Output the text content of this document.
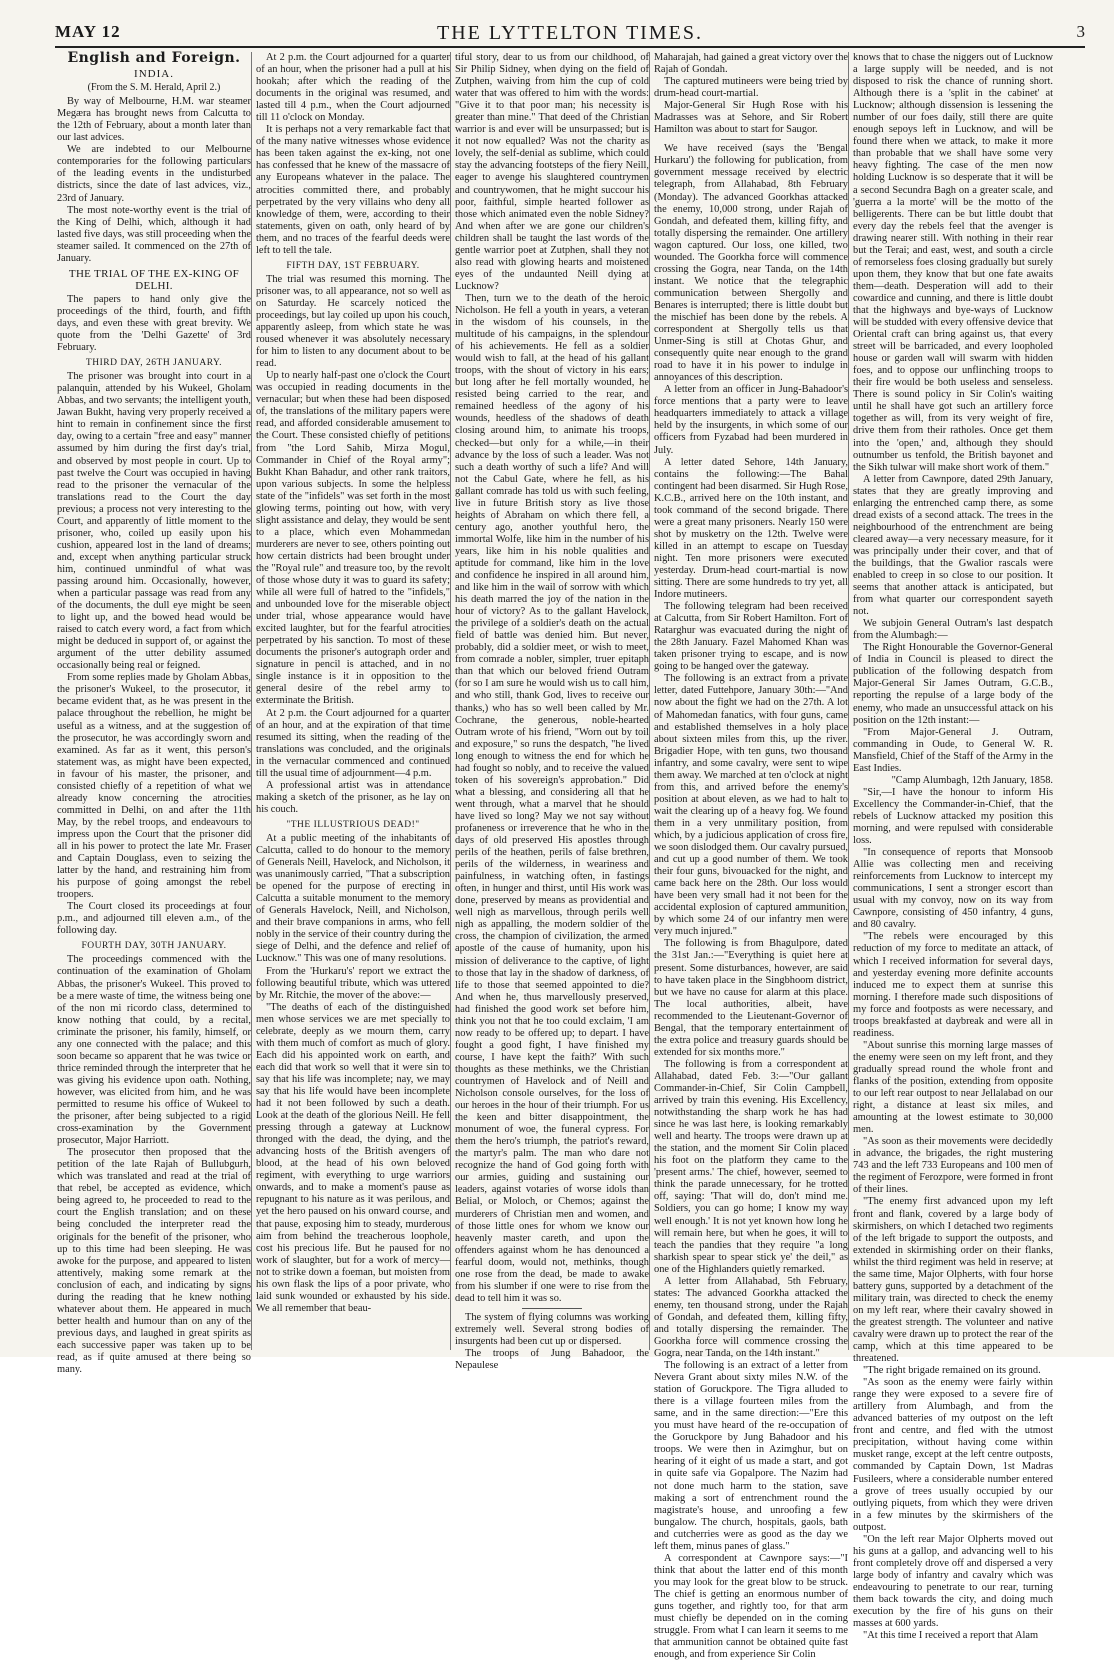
MAY 12	THE LYTTELTON TIMES.	3
English and Foreign.
INDIA.
(From the S. M. Herald, April 2.)

By way of Melbourne, H.M. war steamer Megæra has brought news from Calcutta to the 12th of February, about a month later than our last advices.

We are indebted to our Melbourne contemporaries for the following particulars of the leading events in the undisturbed districts, since the date of last advices, viz., 23rd of January.

The most note-worthy event is the trial of the King of Delhi, which, although it had lasted five days, was still proceeding when the steamer sailed. It commenced on the 27th of January.

THE TRIAL OF THE EX-KING OF DELHI.

The papers to hand only give the proceedings of the third, fourth, and fifth days, and even these with great brevity. We quote from the 'Delhi Gazette' of 3rd February.

THIRD DAY, 26TH JANUARY.

The prisoner was brought into court in a palanquin, attended by his Wukeel, Gholam Abbas, and two servants; the intelligent youth, Jawan Bukht, having very properly received a hint to remain in confinement since the first day, owing to a certain "free and easy" manner assumed by him during the first day's trial, and observed by most people in court. Up to past twelve the Court was occupied in having read to the prisoner the vernacular of the translations read to the Court the day previous; a process not very interesting to the Court, and apparently of little moment to the prisoner, who, coiled up easily upon his cushion, appeared lost in the land of dreams; and, except when anything particular struck him, continued unmindful of what was passing around him. Occasionally, however, when a particular passage was read from any of the documents, the dull eye might be seen to light up, and the bowed head would be raised to catch every word, a fact from which might be deduced in support of, or against the argument of the utter debility assumed occasionally being real or feigned.

From some replies made by Gholam Abbas, the prisoner's Wukeel, to the prosecutor, it became evident that, as he was present in the palace throughout the rebellion, he might be useful as a witness, and at the suggestion of the prosecutor, he was accordingly sworn and examined. As far as it went, this person's statement was, as might have been expected, in favour of his master, the prisoner, and consisted chiefly of a repetition of what we already know concerning the atrocities committed in Delhi, on and after the 11th May, by the rebel troops, and endeavours to impress upon the Court that the prisoner did all in his power to protect the late Mr. Fraser and Captain Douglass, even to seizing the latter by the hand, and restraining him from his purpose of going amongst the rebel troopers.

The Court closed its proceedings at four p.m., and adjourned till eleven a.m., of the following day.

FOURTH DAY, 30TH JANUARY.

The proceedings commenced with the continuation of the examination of Gholam Abbas, the prisoner's Wukeel. This proved to be a mere waste of time, the witness being one of the non mi ricordo class, determined to know nothing that could, by a recital, criminate the prisoner, his family, himself, or any one connected with the palace; and this soon became so apparent that he was twice or thrice reminded through the interpreter that he was giving his evidence upon oath. Nothing, however, was elicited from him, and he was permitted to resume his office of Wukeel to the prisoner, after being subjected to a rigid cross-examination by the Government prosecutor, Major Harriott.

The prosecutor then proposed that the petition of the late Rajah of Bullubgurh, which was translated and read at the trial of that rebel, be accepted as evidence, which being agreed to, he proceeded to read to the court the English translation; and on these being concluded the interpreter read the originals for the benefit of the prisoner, who up to this time had been sleeping. He was awoke for the purpose, and appeared to listen attentively, making some remark at the conclusion of each, and indicating by signs during the reading that he knew nothing whatever about them. He appeared in much better health and humour than on any of the previous days, and laughed in great spirits as each successive paper was taken up to be read, as if quite amused at there being so many.

At 2 p.m. the Court adjourned for a quarter of an hour, when the prisoner had a pull at his hookah; after which the reading of the documents in the original was resumed, and lasted till 4 p.m., when the Court adjourned till 11 o'clock on Monday.

It is perhaps not a very remarkable fact that of the many native witnesses whose evidence has been taken against the ex-king, not one has confessed that he knew of the massacre of any Europeans whatever in the palace. The atrocities committed there, and probably perpetrated by the very villains who deny all knowledge of them, were, according to their statements, given on oath, only heard of by them, and no traces of the fearful deeds were left to tell the tale.

FIFTH DAY, 1ST FEBRUARY.

The trial was resumed this morning. The prisoner was, to all appearance, not so well as on Saturday. He scarcely noticed the proceedings, but lay coiled up upon his couch, apparently asleep, from which state he was roused whenever it was absolutely necessary for him to listen to any document about to be read.

Up to nearly half-past one o'clock the Court was occupied in reading documents in the vernacular; but when these had been disposed of, the translations of the military papers were read, and afforded considerable amusement to the Court. These consisted chiefly of petitions from "the Lord Sahib, Mirza Mogul, Commander in Chief of the Royal army"; Bukht Khan Bahadur, and other rank traitors, upon various subjects. In some the helpless state of the "infidels" was set forth in the most glowing terms, pointing out how, with very slight assistance and delay, they would be sent to a place, which even Mohammedan murderers are never to see, others pointing out how certain districts had been brought under the "Royal rule" and treasure too, by the revolt of those whose duty it was to guard its safety; while all were full of hatred to the "infidels," and unbounded love for the miserable object under trial, whose appearance would have excited laughter, but for the fearful atrocities perpetrated by his sanction. To most of these documents the prisoner's autograph order and signature in pencil is attached, and in no single instance is it in opposition to the general desire of the rebel army to exterminate the British.

At 2 p.m. the Court adjourned for a quarter of an hour, and at the expiration of that time resumed its sitting, when the reading of the translations was concluded, and the originals in the vernacular commenced and continued till the usual time of adjournment—4 p.m.

A professional artist was in attendance making a sketch of the prisoner, as he lay on his couch.

"THE ILLUSTRIOUS DEAD!"

At a public meeting of the inhabitants of Calcutta, called to do honour to the memory of Generals Neill, Havelock, and Nicholson, it was unanimously carried, "That a subscription be opened for the purpose of erecting in Calcutta a suitable monument to the memory of Generals Havelock, Neill, and Nicholson, and their brave companions in arms, who fell nobly in the service of their country during the siege of Delhi, and the defence and relief of Lucknow." This was one of many resolutions.

From the 'Hurkaru's' report we extract the following beautiful tribute, which was uttered by Mr. Ritchie, the mover of the above:—

"The deaths of each of the distinguished men whose services we are met specially to celebrate, deeply as we mourn them, carry with them much of comfort as much of glory. Each did his appointed work on earth, and each did that work so well that it were sin to say that his life was incomplete; nay, we may say that his life would have been incomplete had it not been followed by such a death. Look at the death of the glorious Neill. He fell pressing through a gateway at Lucknow thronged with the dead, the dying, and the advancing hosts of the British avengers of blood, at the head of his own beloved regiment, with everything to urge warriors onwards, and to make a moment's pause as repugnant to his nature as it was perilous, and yet the hero paused on his onward course, and that pause, exposing him to steady, murderous aim from behind the treacherous loophole, cost his precious life. But he paused for no work of slaughter, but for a work of mercy—not to strike down a foeman, but moisten from his own flask the lips of a poor private, who laid sunk wounded or exhausted by his side. We all remember that beau-

tiful story, dear to us from our childhood, of Sir Philip Sidney, when dying on the field of Zutphen, waiving from him the cup of cold water that was offered to him with the words: "Give it to that poor man; his necessity is greater than mine." That deed of the Christian warrior is and ever will be unsurpassed; but is it not now equalled? Was not the charity as lovely, the self-denial as sublime, which could stay the advancing footsteps of the fiery Neill, eager to avenge his slaughtered countrymen and countrywomen, that he might succour his poor, faithful, simple hearted follower as those which animated even the noble Sidney? And when after we are gone our children's children shall be taught the last words of the gentle warrior poet at Zutphen, shall they not also read with glowing hearts and moistened eyes of the undaunted Neill dying at Lucknow?

Then, turn we to the death of the heroic Nicholson. He fell a youth in years, a veteran in the wisdom of his counsels, in the multitude of his campaigns, in the splendour of his achievements. He fell as a soldier would wish to fall, at the head of his gallant troops, with the shout of victory in his ears; but long after he fell mortally wounded, he resisted being carried to the rear, and remained heedless of the agony of his wounds, heedless of the shadows of death closing around him, to animate his troops, checked—but only for a while,—in their advance by the loss of such a leader. Was not such a death worthy of such a life? And will not the Cabul Gate, where he fell, as his gallant comrade has told us with such feeling, live in future British story as live those heights of Abraham on which there fell, a century ago, another youthful hero, the immortal Wolfe, like him in the number of his years, like him in his noble qualities and aptitude for command, like him in the love and confidence he inspired in all around him, and like him in the wail of sorrow with which his death marred the joy of the nation in the hour of victory? As to the gallant Havelock, the privilege of a soldier's death on the actual field of battle was denied him. But never, probably, did a soldier meet, or wish to meet, from comrade a nobler, simpler, truer epitaph than that which our beloved friend Outram (for so I am sure he would wish us to call him, and who still, thank God, lives to receive our thanks,) who has so well been called by Mr. Cochrane, the generous, noble-hearted Outram wrote of his friend, "Worn out by toil and exposure," so runs the despatch, "he lived long enough to witness the end for which he had fought so nobly, and to receive the valued token of his sovereign's approbation." Did what a blessing, and considering all that he went through, what a marvel that he should have lived so long? May we not say without profaneness or irreverence that he who in the days of old preserved His apostles through perils of the heathen, perils of false brethren, perils of the wilderness, in weariness and painfulness, in watching often, in fastings often, in hunger and thirst, until His work was done, preserved by means as providential and well nigh as marvellous, through perils well nigh as appalling, the modern soldier of the cross, the champion of civilization, the armed apostle of the cause of humanity, upon his mission of deliverance to the captive, of light to those that lay in the shadow of darkness, of life to those that seemed appointed to die? And when he, thus marvellously preserved, had finished the good work set before him, think you not that he too could exclaim, 'I am now ready to be offered up; to depart. I have fought a good fight, I have finished my course, I have kept the faith?' With such thoughts as these methinks, we the Christian countrymen of Havelock and of Neill and Nicholson console ourselves, for the loss of our heroes in the hour of their triumph. For us the keen and bitter disappointment, the monument of woe, the funeral cypress. For them the hero's triumph, the patriot's reward, the martyr's palm. The man who dare not recognize the hand of God going forth with our armies, guiding and sustaining our leaders, against votaries of worse idols than Belial, or Moloch, or Chemos; against the murderers of Christian men and women, and of those little ones for whom we know our heavenly master careth, and upon the offenders against whom he has denounced a fearful doom, would not, methinks, though one rose from the dead, be made to awake from his slumber if one were to rise from the dead to tell him it was so.

The system of flying columns was working extremely well. Several strong bodies of insurgents had been cut up or dispersed.

The troops of Jung Bahadoor, the Nepaulese

Maharajah, had gained a great victory over the Rajah of Gondah.

The captured mutineers were being tried by drum-head court-martial.

Major-General Sir Hugh Rose with his Madrasses was at Sehore, and Sir Robert Hamilton was about to start for Saugor.

We have received (says the 'Bengal Hurkaru') the following for publication, from government message received by electric telegraph, from Allahabad, 8th February (Monday). The advanced Goorkhas attacked the enemy, 10,000 strong, under Rajah of Gondah, and defeated them, killing fifty, and totally dispersing the remainder. One artillery wagon captured. Our loss, one killed, two wounded. The Goorkha force will commence crossing the Gogra, near Tanda, on the 14th instant. We notice that the telegraphic communication between Shergolly and Benares is interrupted; there is little doubt but the mischief has been done by the rebels. A correspondent at Shergolly tells us that Unmer-Sing is still at Chotas Ghur, and consequently quite near enough to the grand road to have it in his power to indulge in annoyances of this description.

A letter from an officer in Jung-Bahadoor's force mentions that a party were to leave headquarters immediately to attack a village held by the insurgents, in which some of our officers from Fyzabad had been murdered in July.

A letter dated Sehore, 14th January, contains the following:—The Bahal contingent had been disarmed. Sir Hugh Rose, K.C.B., arrived here on the 10th instant, and took command of the second brigade. There were a great many prisoners. Nearly 150 were shot by musketry on the 12th. Twelve were killed in an attempt to escape on Tuesday night. Ten more prisoners were executed yesterday. Drum-head court-martial is now sitting. There are some hundreds to try yet, all Indore mutineers.

The following telegram had been received at Calcutta, from Sir Robert Hamilton. Fort of Ratarghur was evacuated during the night of the 28th January. Fazel Mahomed Khan was taken prisoner trying to escape, and is now going to be hanged over the gateway.

The following is an extract from a private letter, dated Futtehpore, January 30th:—"And now about the fight we had on the 27th. A lot of Mahomedan fanatics, with four guns, came and established themselves in a holy place about sixteen miles from this, up the river. Brigadier Hope, with ten guns, two thousand infantry, and some cavalry, were sent to wipe them away. We marched at ten o'clock at night from this, and arrived before the enemy's position at about eleven, as we had to halt to wait the clearing up of a heavy fog. We found them in a very unmilitary position, from which, by a judicious application of cross fire, we soon dislodged them. Our cavalry pursued, and cut up a good number of them. We took their four guns, bivouacked for the night, and came back here on the 28th. Our loss would have been very small had it not been for the accidental explosion of captured ammunition, by which some 24 of our infantry men were very much injured."

The following is from Bhagulpore, dated the 31st Jan.:—"Everything is quiet here at present. Some disturbances, however, are said to have taken place in the Singbhoom district, but we have no cause for alarm at this place. The local authorities, albeit, have recommended to the Lieutenant-Governor of Bengal, that the temporary entertainment of the extra police and treasury guards should be extended for six months more."

The following is from a correspondent at Allahabad, dated Feb. 3:—"Our gallant Commander-in-Chief, Sir Colin Campbell, arrived by train this evening. His Excellency, notwithstanding the sharp work he has had since he was last here, is looking remarkably well and hearty. The troops were drawn up at the station, and the moment Sir Colin placed his foot on the platform they came to the 'present arms.' The chief, however, seemed to think the parade unnecessary, for he trotted off, saying: 'That will do, don't mind me. Soldiers, you can go home; I know my way well enough.' It is not yet known how long he will remain here, but when he goes, it will to teach the pandies that they require "a long sharkish spear to spear stick ye' the deil," as one of the Highlanders quietly remarked.

A letter from Allahabad, 5th February, states: The advanced Goorkha attacked the enemy, ten thousand strong, under the Rajah of Gondah, and defeated them, killing fifty, and totally dispersing the remainder. The Goorkha force will commence crossing the Gogra, near Tanda, on the 14th instant."

The following is an extract of a letter from Nevera Grant about sixty miles N.W. of the station of Goruckpore. The Tigra alluded to there is a village fourteen miles from the same, and in the same direction:—"Ere this you must have heard of the re-occupation of the Goruckpore by Jung Bahadoor and his troops. We were then in Azimghur, but on hearing of it eight of us made a start, and got in quite safe via Gopalpore. The Nazim had not done much harm to the station, save making a sort of entrenchment round the magistrate's house, and unroofing a few bungalow. The church, hospitals, gaols, bath and cutcherries were as good as the day we left them, minus panes of glass."

A correspondent at Cawnpore says:—"I think that about the latter end of this month you may look for the great blow to be struck. The chief is getting an enormous number of guns together, and rightly too, for that arm must chiefly be depended on in the coming struggle. From what I can learn it seems to me that ammunition cannot be obtained quite fast enough, and from experience Sir Colin

knows that to chase the niggers out of Lucknow a large supply will be needed, and is not disposed to risk the chance of running short. Although there is a 'split in the cabinet' at Lucknow; although dissension is lessening the number of our foes daily, still there are quite enough sepoys left in Lucknow, and will be found there when we attack, to make it more than probable that we shall have some very heavy fighting. The case of the men now holding Lucknow is so desperate that it will be a second Secundra Bagh on a greater scale, and 'guerra a la morte' will be the motto of the belligerents. There can be but little doubt that every day the rebels feel that the avenger is drawing nearer still. With nothing in their rear but the Terai; and east, west, and south a circle of remorseless foes closing gradually but surely upon them, they know that but one fate awaits them—death. Desperation will add to their cowardice and cunning, and there is little doubt that the highways and bye-ways of Lucknow will be studded with every offensive device that Oriental craft can bring against us, that every street will be barricaded, and every loopholed house or garden wall will swarm with hidden foes, and to oppose our unflinching troops to their fire would be both useless and senseless. There is sound policy in Sir Colin's waiting until he shall have got such an artillery force together as will, from its very weight of fire, drive them from their ratholes. Once get them into the 'open,' and, although they should outnumber us tenfold, the British bayonet and the Sikh tulwar will make short work of them."

A letter from Cawnpore, dated 29th January, states that they are greatly improving and enlarging the entrenched camp there, as some dread exists of a second attack. The trees in the neighbourhood of the entrenchment are being cleared away—a very necessary measure, for it was principally under their cover, and that of the buildings, that the Gwalior rascals were enabled to creep in so close to our position. It seems that another attack is anticipated, but from what quarter our correspondent sayeth not.

We subjoin General Outram's last despatch from the Alumbagh:—

The Right Honourable the Governor-General of India in Council is pleased to direct the publication of the following despatch from Major-General Sir James Outram, G.C.B., reporting the repulse of a large body of the enemy, who made an unsuccessful attack on his position on the 12th instant:—

"From Major-General J. Outram, commanding in Oude, to General W. R. Mansfield, Chief of the Staff of the Army in the East Indies.

"Camp Alumbagh, 12th January, 1858.

"Sir,—I have the honour to inform His Excellency the Commander-in-Chief, that the rebels of Lucknow attacked my position this morning, and were repulsed with considerable loss.

"In consequence of reports that Monsoob Allie was collecting men and receiving reinforcements from Lucknow to intercept my communications, I sent a stronger escort than usual with my convoy, now on its way from Cawnpore, consisting of 450 infantry, 4 guns, and 80 cavalry.

"The rebels were encouraged by this reduction of my force to meditate an attack, of which I received information for several days, and yesterday evening more definite accounts induced me to expect them at sunrise this morning. I therefore made such dispositions of my force and footposts as were necessary, and troops breakfasted at daybreak and were all in readiness.

"About sunrise this morning large masses of the enemy were seen on my left front, and they gradually spread round the whole front and flanks of the position, extending from opposite to our left rear outpost to near Jellalabad on our right, a distance at least six miles, and amounting at the lowest estimate to 30,000 men.

"As soon as their movements were decidedly in advance, the brigades, the right mustering 743 and the left 733 Europeans and 100 men of the regiment of Ferozpore, were formed in front of their lines.

"The enemy first advanced upon my left front and flank, covered by a large body of skirmishers, on which I detached two regiments of the left brigade to support the outposts, and extended in skirmishing order on their flanks, whilst the third regiment was held in reserve; at the same time, Major Olpherts, with four horse battery guns, supported by a detachment of the military train, was directed to check the enemy on my left rear, where their cavalry showed in the greatest strength. The volunteer and native cavalry were drawn up to protect the rear of the camp, which at this time appeared to be threatened.

"The right brigade remained on its ground.

"As soon as the enemy were fairly within range they were exposed to a severe fire of artillery from Alumbagh, and from the advanced batteries of my outpost on the left front and centre, and fled with the utmost precipitation, without having come within musket range, except at the left centre outposts, commanded by Captain Down, 1st Madras Fusileers, where a considerable number entered a grove of trees usually occupied by our outlying piquets, from which they were driven in a few minutes by the skirmishers of the outpost.

"On the left rear Major Olpherts moved out his guns at a gallop, and advancing well to his front completely drove off and dispersed a very large body of infantry and cavalry which was endeavouring to penetrate to our rear, turning them back towards the city, and doing much execution by the fire of his guns on their masses at 600 yards.

"At this time I received a report that Alam
